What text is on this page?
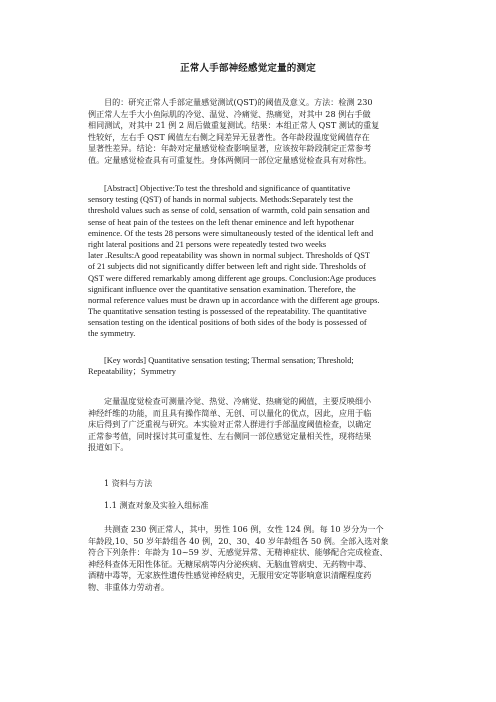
正常人手部神经感觉定量的测定
目的：研究正常人手部定量感觉测试(QST)的阈值及意义。方法：检测 230
例正常人左手大小鱼际肌的冷觉、温觉、冷痛觉、热痛觉，对其中 28 例右手做
相同测试，对其中 21 例 2 周后做重复测试。结果：本组正常人 QST 测试的重复
性较好，左右手 QST 阈值左右侧之间差异无显著性。各年龄段温度觉阈值存在
显著性差异。结论：年龄对定量感觉检查影响显著，应该按年龄段制定正常参考
值。定量感觉检查具有可重复性。身体两侧同一部位定量感觉检查具有对称性。
[Abstract] Objective:To test the threshold and significance of quantitative
sensory testing (QST) of hands in normal subjects. Methods:Separately test the
threshold values such as sense of cold, sensation of warmth, cold pain sensation and
sense of heat pain of the testees on the left thenar eminence and left hypothenar
eminence. Of the tests 28 persons were simultaneously tested of the identical left and
right lateral positions and 21 persons were repeatedly tested two weeks
later .Results:A good repeatability was shown in normal subject. Thresholds of QST
of 21 subjects did not significantly differ between left and right side. Thresholds of
QST were differed remarkably among different age groups. Conclusion:Age produces
significant influence over the quantitative sensation examination. Therefore, the
normal reference values must be drawn up in accordance with the different age groups.
The quantitative sensation testing is possessed of the repeatability. The quantitative
sensation testing on the identical positions of both sides of the body is possessed of
the symmetry.
[Key words] Quantitative sensation testing; Thermal sensation; Threshold;
Repeatability；Symmetry
定量温度觉检查可测量冷觉、热觉、冷痛觉、热痛觉的阈值，主要反映细小
神经纤维的功能，而且具有操作简单、无创、可以量化的优点，因此，应用于临
床后得到了广泛重视与研究。本实验对正常人群进行手部温度阈值检查，以确定
正常参考值，同时探讨其可重复性、左右侧同一部位感觉定量相关性，现将结果
报道如下。
1 资料与方法
1.1 测查对象及实验入组标准
共测查 230 例正常人，其中，男性 106 例，女性 124 例。每 10 岁分为一个
年龄段,10、50 岁年龄组各 40 例，20、30、40 岁年龄组各 50 例。全部入选对象
符合下列条件：年龄为 10~59 岁、无感觉异常、无精神症状、能够配合完成检查、
神经科查体无阳性体征。无糖尿病等内分泌疾病、无脑血管病史、无药物中毒、
酒精中毒等，无家族性遗传性感觉神经病史，无服用安定等影响意识清醒程度药
物、非重体力劳动者。
